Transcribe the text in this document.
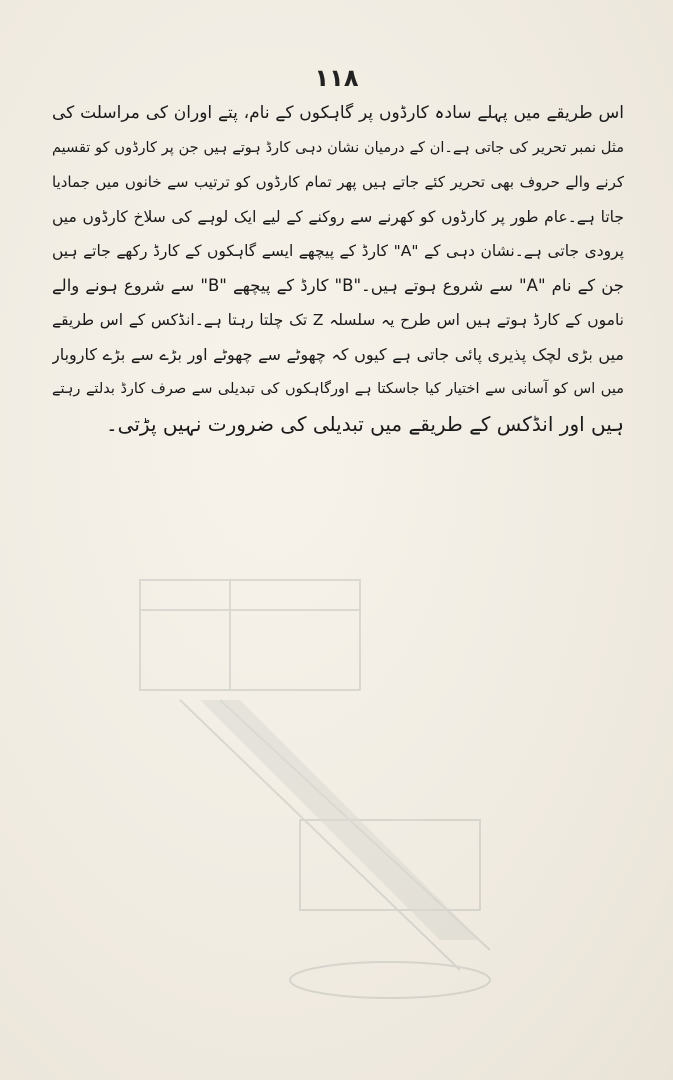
۱۱۸
اس طریقے میں پہلے سادہ کارڈوں پر گاہکوں کے نام، پتے اوران کی مراسلت کی
مثل نمبر تحریر کی جاتی ہے۔ان کے درمیان نشان دہی کارڈ ہوتے ہیں جن پر کارڈوں کو تقسیم
کرنے والے حروف بھی تحریر کئے جاتے ہیں پھر تمام کارڈوں کو ترتیب سے خانوں میں جمادیا
جاتا ہے۔عام طور پر کارڈوں کو کھرنے سے روکنے کے لیے ایک لوہے کی سلاخ کارڈوں میں
پرودی جاتی ہے۔نشان دہی کے "A" کارڈ کے پیچھے ایسے گاہکوں کے کارڈ رکھے جاتے ہیں
جن کے نام "A" سے شروع ہوتے ہیں۔"B" کارڈ کے پیچھے "B" سے شروع ہونے والے
ناموں کے کارڈ ہوتے ہیں اس طرح یہ سلسلہ Z تک چلتا رہتا ہے۔انڈکس کے اس طریقے
میں بڑی لچک پذیری پائی جاتی ہے کیوں کہ چھوٹے سے چھوٹے اور بڑے سے بڑے کاروبار
میں اس کو آسانی سے اختیار کیا جاسکتا ہے اورگاہکوں کی تبدیلی سے صرف کارڈ بدلتے رہتے
ہیں اور انڈکس کے طریقے میں تبدیلی کی ضرورت نہیں پڑتی۔
